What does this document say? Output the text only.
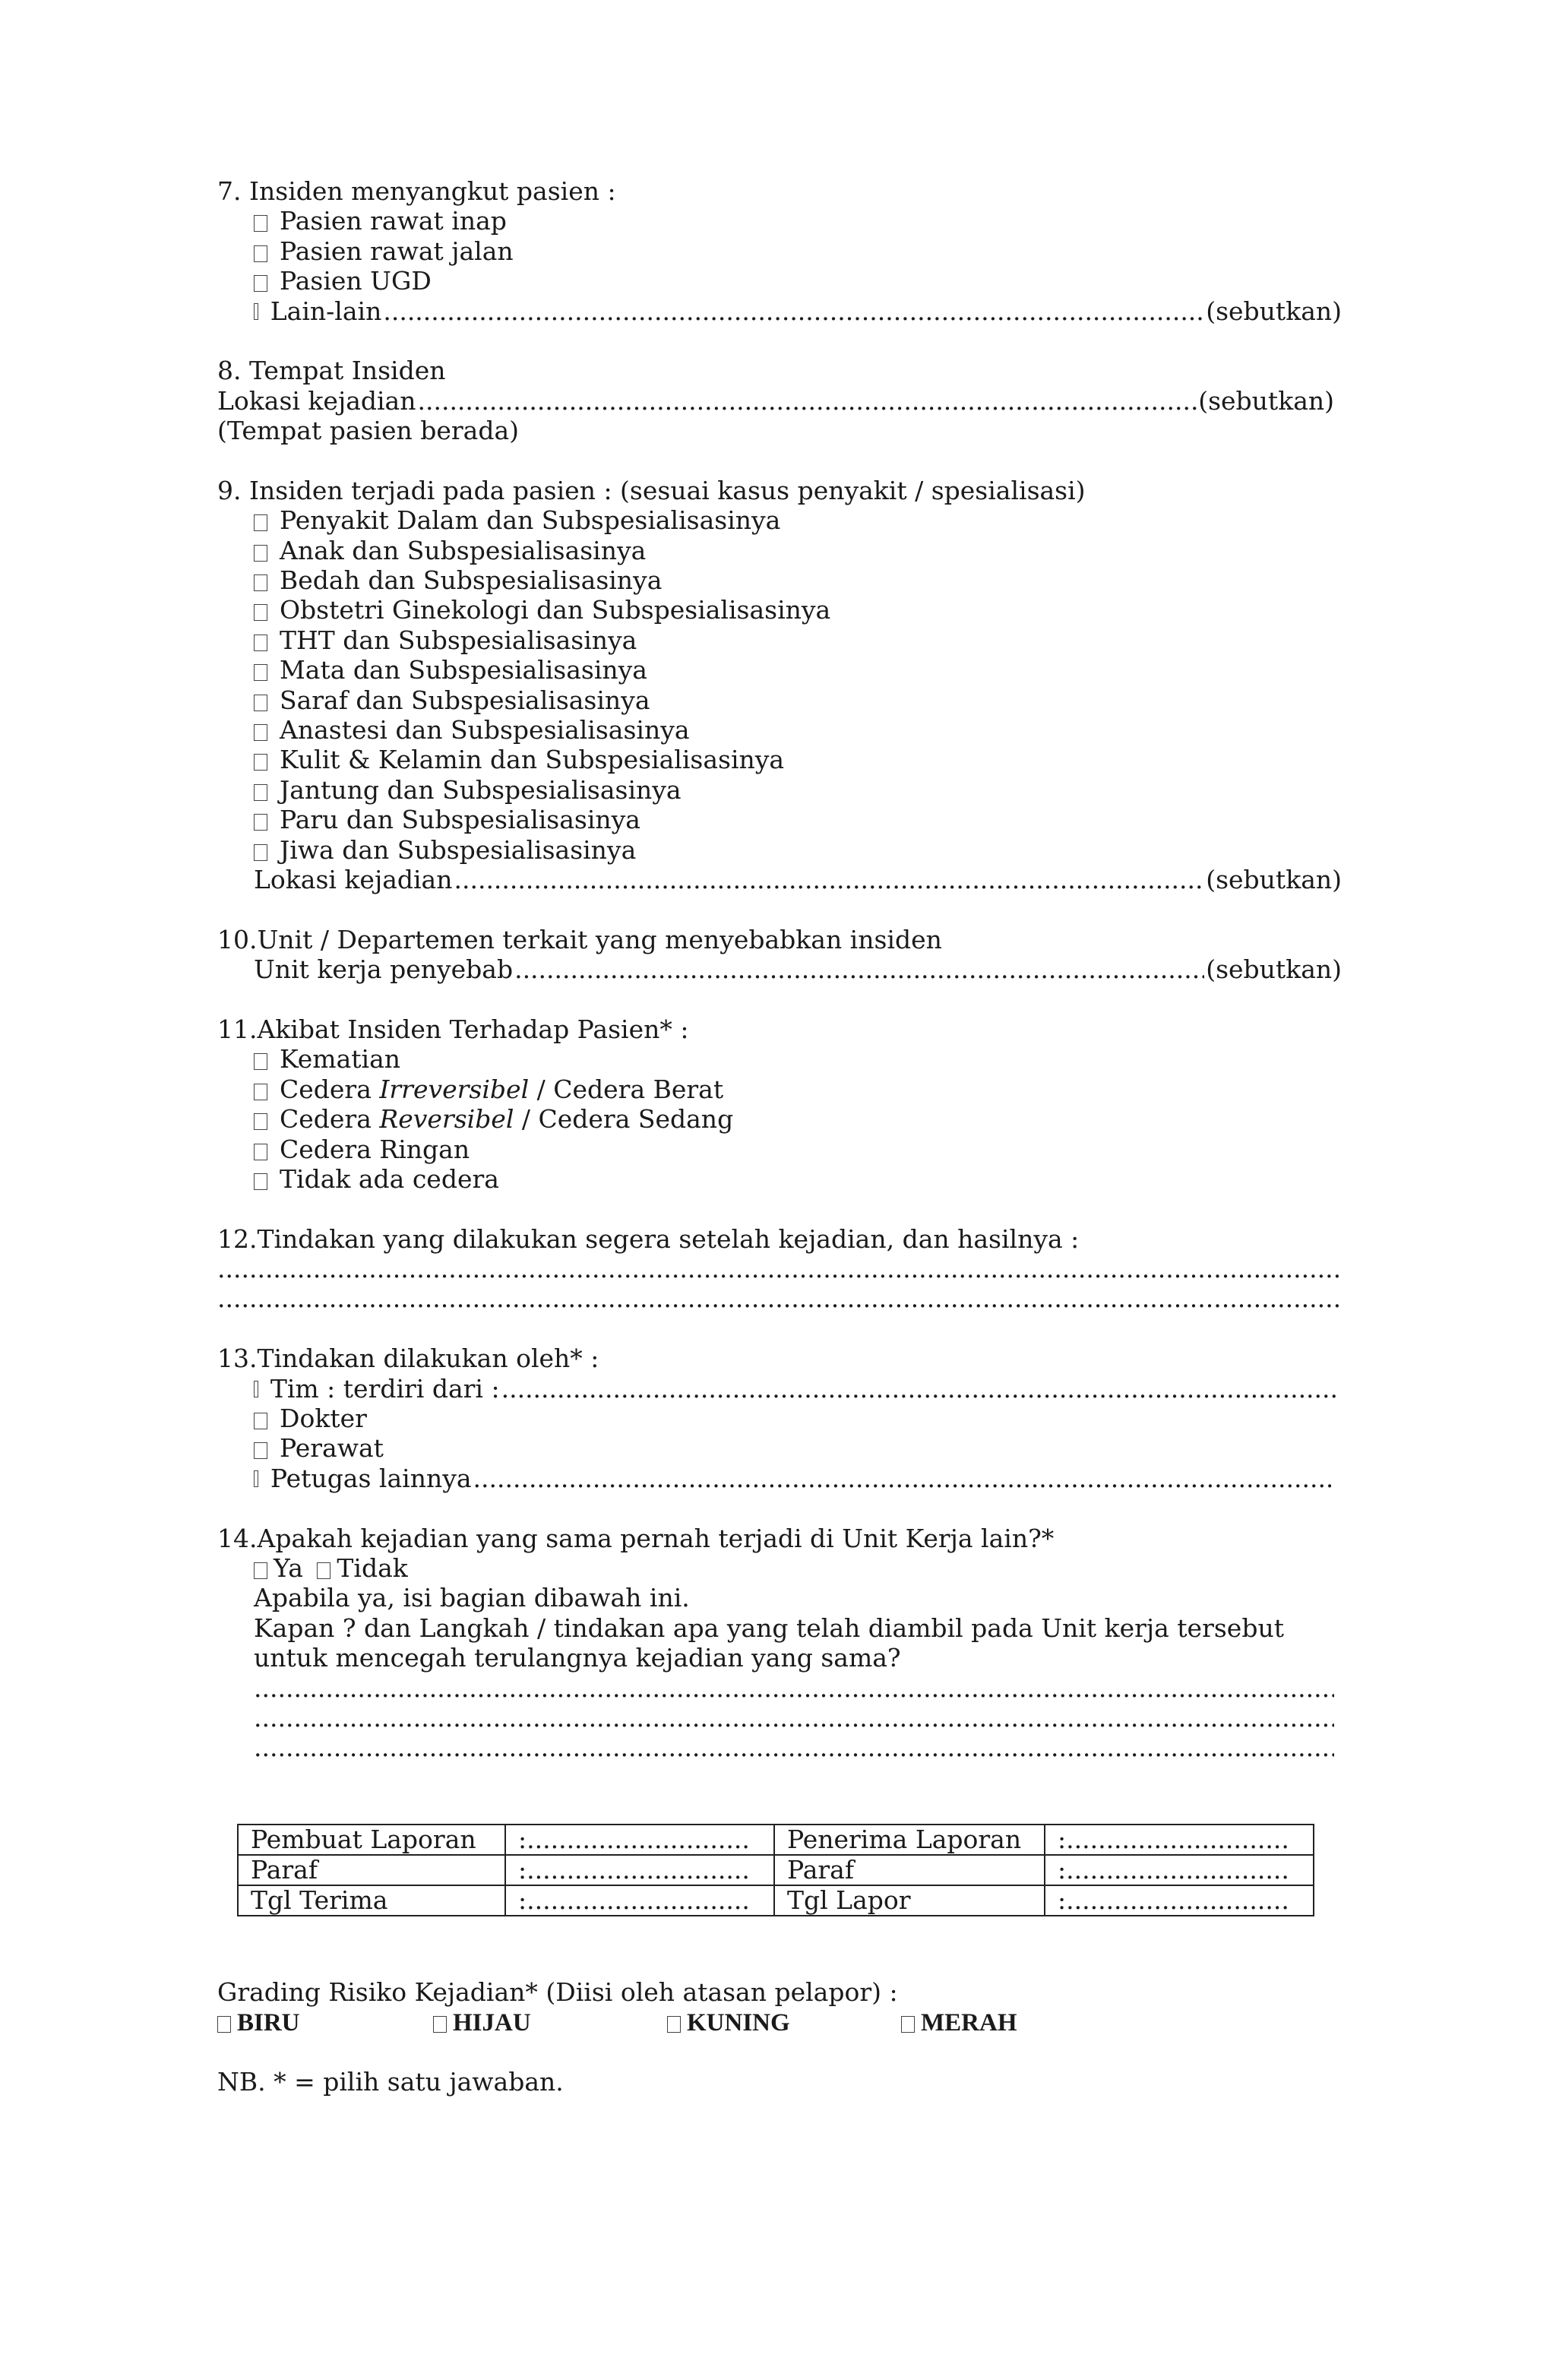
7. Insiden menyangkut pasien :
Pasien rawat inap
Pasien rawat jalan
Pasien UGD
Lain-lain .....	(sebutkan)
8. Tempat Insiden
Lokasi kejadian .....	(sebutkan)
(Tempat pasien berada)
9. Insiden terjadi pada pasien : (sesuai kasus penyakit / spesialisasi)
Penyakit Dalam dan Subspesialisasinya
Anak dan Subspesialisasinya
Bedah dan Subspesialisasinya
Obstetri Ginekologi dan Subspesialisasinya
THT dan Subspesialisasinya
Mata dan Subspesialisasinya
Saraf dan Subspesialisasinya
Anastesi dan Subspesialisasinya
Kulit & Kelamin dan Subspesialisasinya
Jantung dan Subspesialisasinya
Paru dan Subspesialisasinya
Jiwa dan Subspesialisasinya
Lokasi kejadian .....	(sebutkan)
10.Unit / Departemen terkait yang menyebabkan insiden
Unit kerja penyebab .....	(sebutkan)
11.Akibat Insiden Terhadap Pasien* :
Kematian
Cedera Irreversibel / Cedera Berat
Cedera Reversibel / Cedera Sedang
Cedera Ringan
Tidak ada cedera
12.Tindakan yang dilakukan segera setelah kejadian, dan hasilnya :
.....
.....
13.Tindakan dilakukan oleh* :
Tim : terdiri dari :
.....
Dokter
Perawat
Petugas lainnya
.....
14.Apakah kejadian yang sama pernah terjadi di Unit Kerja lain?*
Ya Tidak
Apabila ya, isi bagian dibawah ini.
Kapan ? dan Langkah / tindakan apa yang telah diambil pada Unit kerja tersebut
untuk mencegah terulangnya kejadian yang sama?
.....
.....
.....
Pembuat Laporan	:............................	Penerima Laporan	:............................
Paraf	:............................	Paraf	:............................
Tgl Terima	:............................	Tgl Lapor	:............................
Grading Risiko Kejadian* (Diisi oleh atasan pelapor) :
BIRU	HIJAU	KUNING	MERAH
NB. * = pilih satu jawaban.
